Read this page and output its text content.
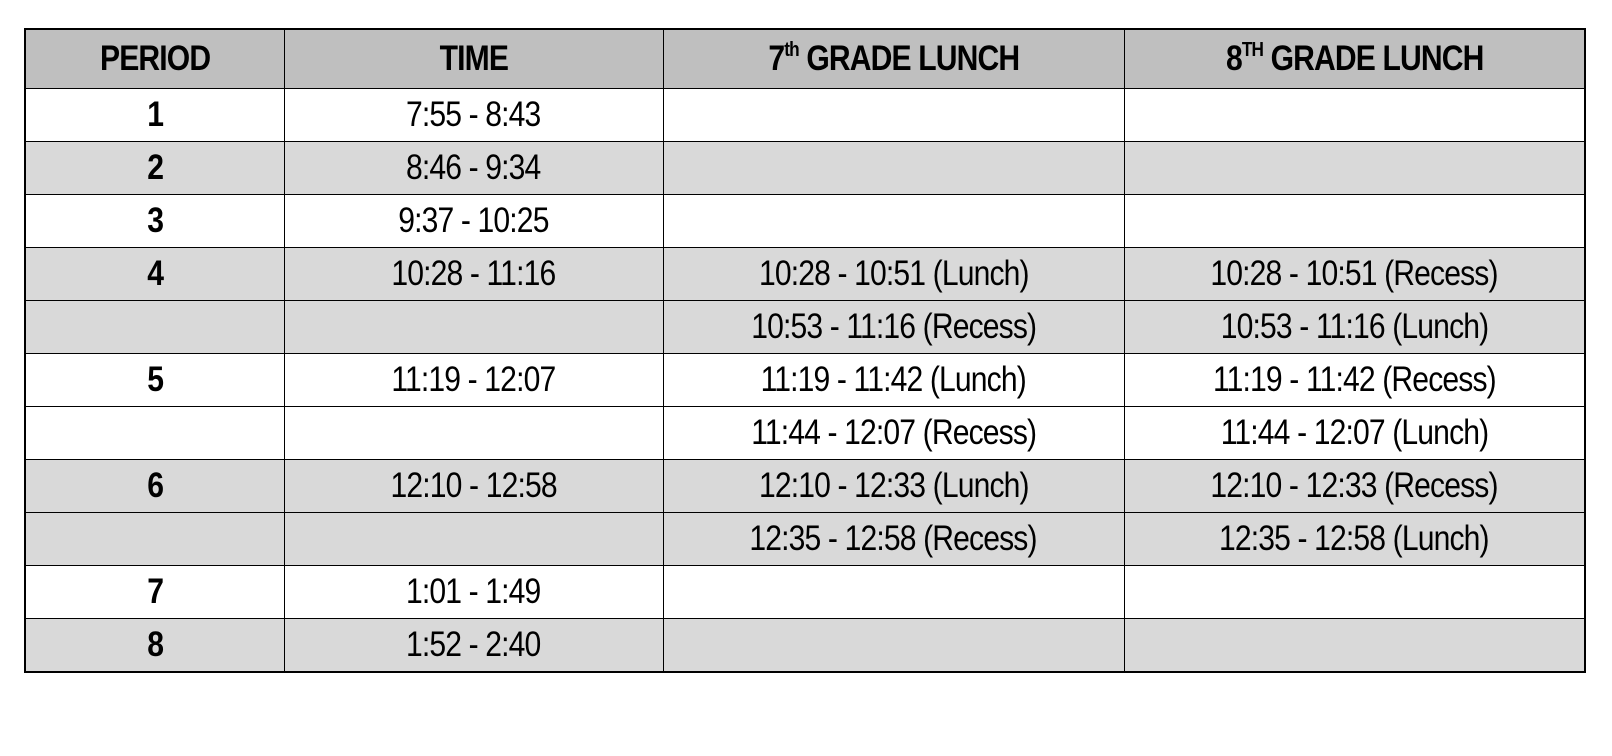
PERIOD	TIME	7th GRADE LUNCH	8TH GRADE LUNCH
1	7:55 - 8:43		
2	8:46 - 9:34		
3	9:37 - 10:25		
4	10:28 - 11:16	10:28 - 10:51 (Lunch)	10:28 - 10:51 (Recess)
		10:53 - 11:16 (Recess)	10:53 - 11:16 (Lunch)
5	11:19 - 12:07	11:19 - 11:42 (Lunch)	11:19 - 11:42 (Recess)
		11:44 - 12:07 (Recess)	11:44 - 12:07 (Lunch)
6	12:10 - 12:58	12:10 - 12:33 (Lunch)	12:10 - 12:33 (Recess)
		12:35 - 12:58 (Recess)	12:35 - 12:58 (Lunch)
7	1:01 - 1:49		
8	1:52 - 2:40		
